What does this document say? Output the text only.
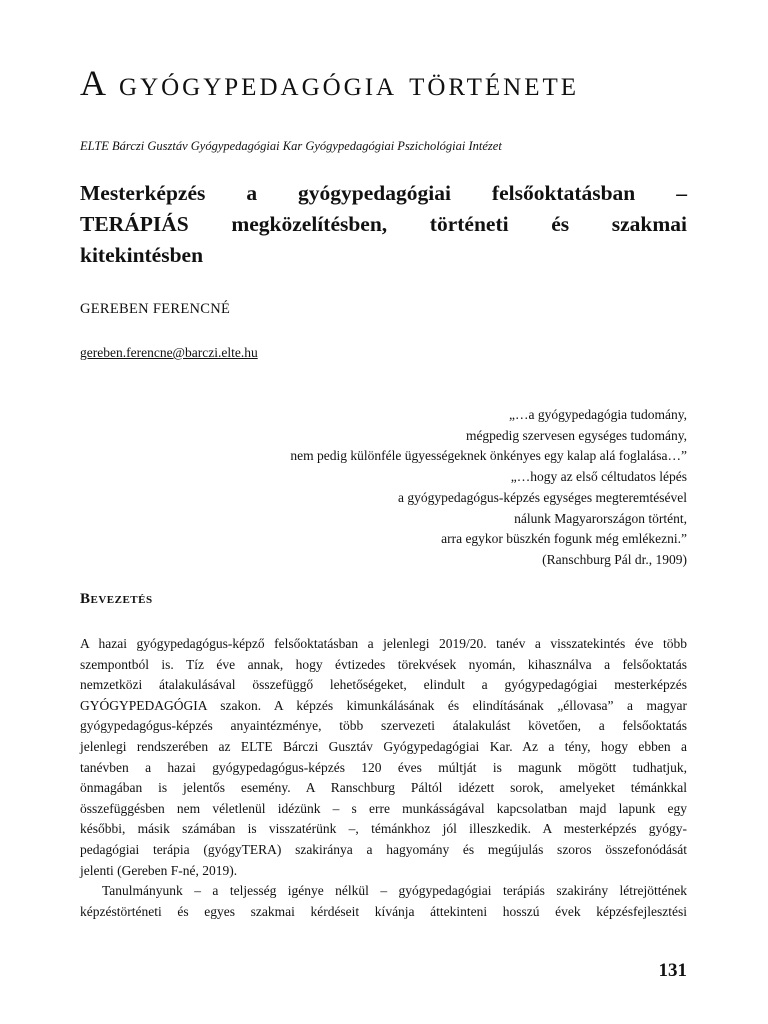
A gyógypedagógia története
ELTE Bárczi Gusztáv Gyógypedagógiai Kar Gyógypedagógiai Pszichológiai Intézet
Mesterképzés a gyógypedagógiai felsőoktatásban –
TERÁPIÁS megközelítésben, történeti és szakmai
kitekintésben
GEREBEN FERENCNÉ
gereben.ferencne@barczi.elte.hu
„…a gyógypedagógia tudomány,
mégpedig szervesen egységes tudomány,
nem pedig különféle ügyességeknek önkényes egy kalap alá foglalása…”
„…hogy az első céltudatos lépés
a gyógypedagógus-képzés egységes megteremtésével
nálunk Magyarországon történt,
arra egykor büszkén fogunk még emlékezni.”
(Ranschburg Pál dr., 1909)
Bevezetés
A hazai gyógypedagógus-képző felsőoktatásban a jelenlegi 2019/20. tanév a visszatekintés éve több
szempontból is. Tíz éve annak, hogy évtizedes törekvések nyomán, kihasználva a felsőoktatás
nemzetközi átalakulásával összefüggő lehetőségeket, elindult a gyógypedagógiai mesterképzés
GYÓGYPEDAGÓGIA szakon. A képzés kimunkálásának és elindításának „éllovasa” a magyar
gyógypedagógus-képzés anyaintézménye, több szervezeti átalakulást követően, a felsőoktatás
jelenlegi rendszerében az ELTE Bárczi Gusztáv Gyógypedagógiai Kar. Az a tény, hogy ebben a
tanévben a hazai gyógypedagógus-képzés 120 éves múltját is magunk mögött tudhatjuk,
önmagában is jelentős esemény. A Ranschburg Páltól idézett sorok, amelyeket témánkkal
összefüggésben nem véletlenül idézünk – s erre munkásságával kapcsolatban majd lapunk egy
későbbi, másik számában is visszatérünk –, témánkhoz jól illeszkedik. A mesterképzés gyógy-
pedagógiai terápia (gyógyTERA) szakiránya a hagyomány és megújulás szoros összefonódását
jelenti (Gereben F-né, 2019).
Tanulmányunk – a teljesség igénye nélkül – gyógypedagógiai terápiás szakirány létrejöttének
képzéstörténeti és egyes szakmai kérdéseit kívánja áttekinteni hosszú évek képzésfejlesztési
131
